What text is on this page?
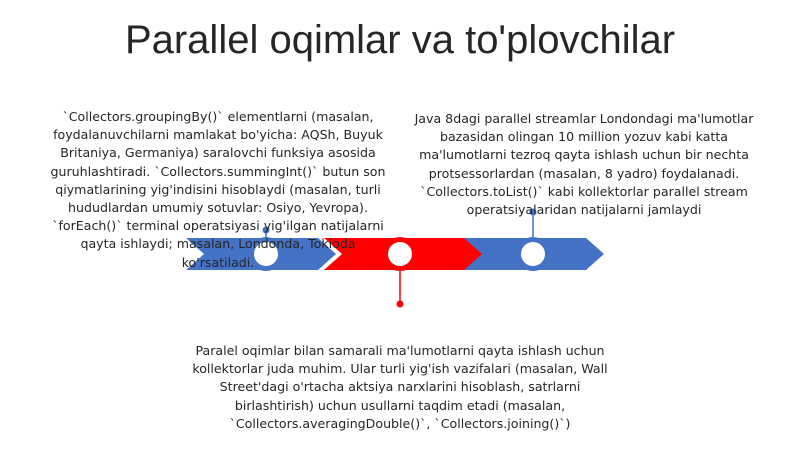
Parallel oqimlar va to'plovchilar
`Collectors.groupingBy()` elementlarni (masalan, foydalanuvchilarni mamlakat bo'yicha: AQSh, Buyuk Britaniya, Germaniya) saralovchi funksiya asosida guruhlashtiradi. `Collectors.summingInt()` butun son qiymatlarining yig'indisini hisoblaydi (masalan, turli hududlardan umumiy sotuvlar: Osiyo, Yevropa). `forEach()` terminal operatsiyasi yig'ilgan natijalarni qayta ishlaydi; masalan, Londonda, Tokioda ko'rsatiladi.
Java 8dagi parallel streamlar Londondagi ma'lumotlar bazasidan olingan 10 million yozuv kabi katta ma'lumotlarni tezroq qayta ishlash uchun bir nechta protsessorlardan (masalan, 8 yadro) foydalanadi. `Collectors.toList()` kabi kollektorlar parallel stream operatsiyalaridan natijalarni jamlaydi
Paralel oqimlar bilan samarali ma'lumotlarni qayta ishlash uchun kollektorlar juda muhim. Ular turli yig'ish vazifalari (masalan, Wall Street'dagi o'rtacha aktsiya narxlarini hisoblash, satrlarni birlashtirish) uchun usullarni taqdim etadi (masalan, `Collectors.averagingDouble()`, `Collectors.joining()`)
